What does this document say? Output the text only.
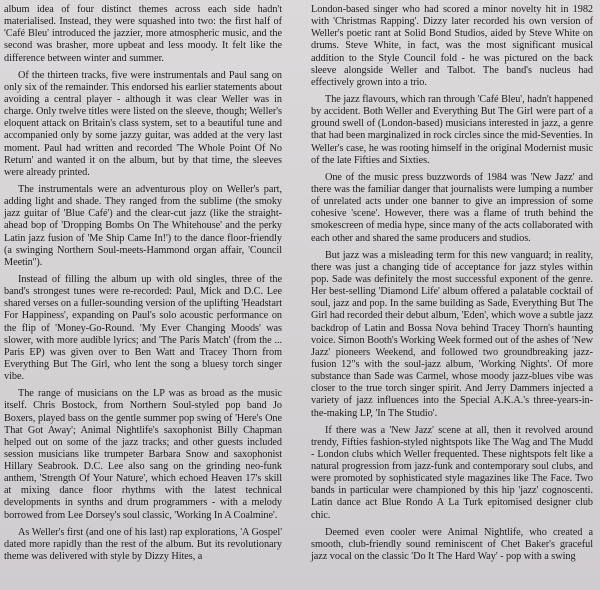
album idea of four distinct themes across each side hadn't materialised. Instead, they were squashed into two: the first half of 'Café Bleu' introduced the jazzier, more atmospheric music, and the second was brasher, more upbeat and less moody. It felt like the difference between winter and summer.

Of the thirteen tracks, five were instrumentals and Paul sang on only six of the remainder. This endorsed his earlier statements about avoiding a central player - although it was clear Weller was in charge. Only twelve titles were listed on the sleeve, though; Weller's eloquent attack on Britain's class system, set to a beautiful tune and accompanied only by some jazzy guitar, was added at the very last moment. Paul had written and recorded 'The Whole Point Of No Return' and wanted it on the album, but by that time, the sleeves were already printed.

The instrumentals were an adventurous ploy on Weller's part, adding light and shade. They ranged from the sublime (the smoky jazz guitar of 'Blue Café') and the clear-cut jazz (like the straight-ahead bop of 'Dropping Bombs On The Whitehouse' and the perky Latin jazz fusion of 'Me Ship Came In!') to the dance floor-friendly (a swinging Northern Soul-meets-Hammond organ affair, 'Council Meetin'').

Instead of filling the album up with old singles, three of the band's strongest tunes were re-recorded: Paul, Mick and D.C. Lee shared verses on a fuller-sounding version of the uplifting 'Headstart For Happiness', expanding on Paul's solo acoustic performance on the flip of 'Money-Go-Round. 'My Ever Changing Moods' was slower, with more audible lyrics; and 'The Paris Match' (from the ... Paris EP) was given over to Ben Watt and Tracey Thorn from Everything But The Girl, who lent the song a bluesy torch singer vibe.

The range of musicians on the LP was as broad as the music itself. Chris Bostock, from Northern Soul-styled pop band Jo Boxers, played bass on the gentle summer pop swing of 'Here's One That Got Away'; Animal Nightlife's saxophonist Billy Chapman helped out on some of the jazz tracks; and other guests included session musicians like trumpeter Barbara Snow and saxophonist Hillary Seabrook. D.C. Lee also sang on the grinding neo-funk anthem, 'Strength Of Your Nature', which echoed Heaven 17's skill at mixing dance floor rhythms with the latest technical developments in synths and drum programmers - with a melody borrowed from Lee Dorsey's soul classic, 'Working In A Coalmine'.

As Weller's first (and one of his last) rap explorations, 'A Gospel' dated more rapidly than the rest of the album. But its revolutionary theme was delivered with style by Dizzy Hites, a

London-based singer who had scored a minor novelty hit in 1982 with 'Christmas Rapping'. Dizzy later recorded his own version of Weller's poetic rant at Solid Bond Studios, aided by Steve White on drums. Steve White, in fact, was the most significant musical addition to the Style Council fold - he was pictured on the back sleeve alongside Weller and Talbot. The band's nucleus had effectively grown into a trio.

The jazz flavours, which ran through 'Café Bleu', hadn't happened by accident. Both Weller and Everything But The Girl were part of a ground swell of (London-based) musicians interested in jazz, a genre that had been marginalized in rock circles since the mid-Seventies. In Weller's case, he was rooting himself in the original Modernist music of the late Fifties and Sixties.

One of the music press buzzwords of 1984 was 'New Jazz' and there was the familiar danger that journalists were lumping a number of unrelated acts under one banner to give an impression of some cohesive 'scene'. However, there was a flame of truth behind the smokescreen of media hype, since many of the acts collaborated with each other and shared the same producers and studios.

But jazz was a misleading term for this new vanguard; in reality, there was just a changing tide of acceptance for jazz styles within pop. Sade was definitely the most successful exponent of the genre. Her best-selling 'Diamond Life' album offered a palatable cocktail of soul, jazz and pop. In the same building as Sade, Everything But The Girl had recorded their debut album, 'Eden', which wove a subtle jazz backdrop of Latin and Bossa Nova behind Tracey Thorn's haunting voice. Simon Booth's Working Week formed out of the ashes of 'New Jazz' pioneers Weekend, and followed two groundbreaking jazz-fusion 12"s with the soul-jazz album, 'Working Nights'. Of more substance than Sade was Carmel, whose moody jazz-blues vibe was closer to the true torch singer spirit. And Jerry Dammers injected a variety of jazz influences into the Special A.K.A.'s three-years-in-the-making LP, 'In The Studio'.

If there was a 'New Jazz' scene at all, then it revolved around trendy, Fifties fashion-styled nightspots like The Wag and The Mudd - London clubs which Weller frequented. These nightspots felt like a natural progression from jazz-funk and contemporary soul clubs, and were promoted by sophisticated style magazines like The Face. Two bands in particular were championed by this hip 'jazz' cognoscenti. Latin dance act Blue Rondo A La Turk epitomised designer club chic.

Deemed even cooler were Animal Nightlife, who created a smooth, club-friendly sound reminiscent of Chet Baker's graceful jazz vocal on the classic 'Do It The Hard Way' - pop with a swing
